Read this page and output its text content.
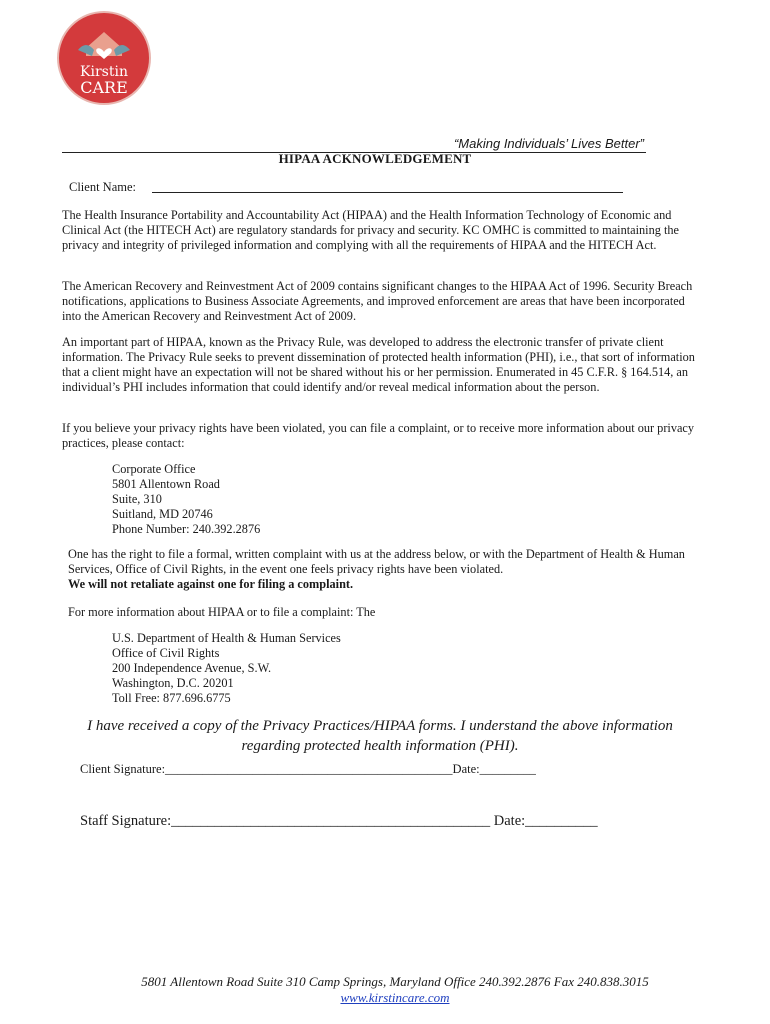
Kirstin
CARE
“Making Individuals’ Lives Better”
HIPAA ACKNOWLEDGEMENT
Client Name:

The Health Insurance Portability and Accountability Act (HIPAA) and the Health Information Technology of Economic and Clinical Act (the HITECH Act) are regulatory standards for privacy and security. KC OMHC is committed to maintaining the privacy and integrity of privileged information and complying with all the requirements of HIPAA and the HITECH Act.

The American Recovery and Reinvestment Act of 2009 contains significant changes to the HIPAA Act of 1996. Security Breach notifications, applications to Business Associate Agreements, and improved enforcement are areas that have been incorporated into the American Recovery and Reinvestment Act of 2009.

An important part of HIPAA, known as the Privacy Rule, was developed to address the electronic transfer of private client information. The Privacy Rule seeks to prevent dissemination of protected health information (PHI), i.e., that sort of information that a client might have an expectation will not be shared without his or her permission. Enumerated in 45 C.F.R. § 164.514, an individual’s PHI includes information that could identify and/or reveal medical information about the person.

If you believe your privacy rights have been violated, you can file a complaint, or to receive more information about our privacy practices, please contact:

Corporate Office
5801 Allentown Road
Suite, 310
Suitland, MD 20746
Phone Number: 240.392.2876
One has the right to file a formal, written complaint with us at the address below, or with the Department of Health & Human Services, Office of Civil Rights, in the event one feels privacy rights have been violated.
We will not retaliate against one for filing a complaint.

For more information about HIPAA or to file a complaint: The

U.S. Department of Health & Human Services
Office of Civil Rights
200 Independence Avenue, S.W.
Washington, D.C. 20201
Toll Free: 877.696.6775
I have received a copy of the Privacy Practices/HIPAA forms. I understand the above information regarding protected health information (PHI).
Client Signature:______________________________________________Date:_________
Staff Signature:____________________________________________ Date:__________
5801 Allentown Road Suite 310 Camp Springs, Maryland Office 240.392.2876 Fax 240.838.3015
www.kirstincare.com
